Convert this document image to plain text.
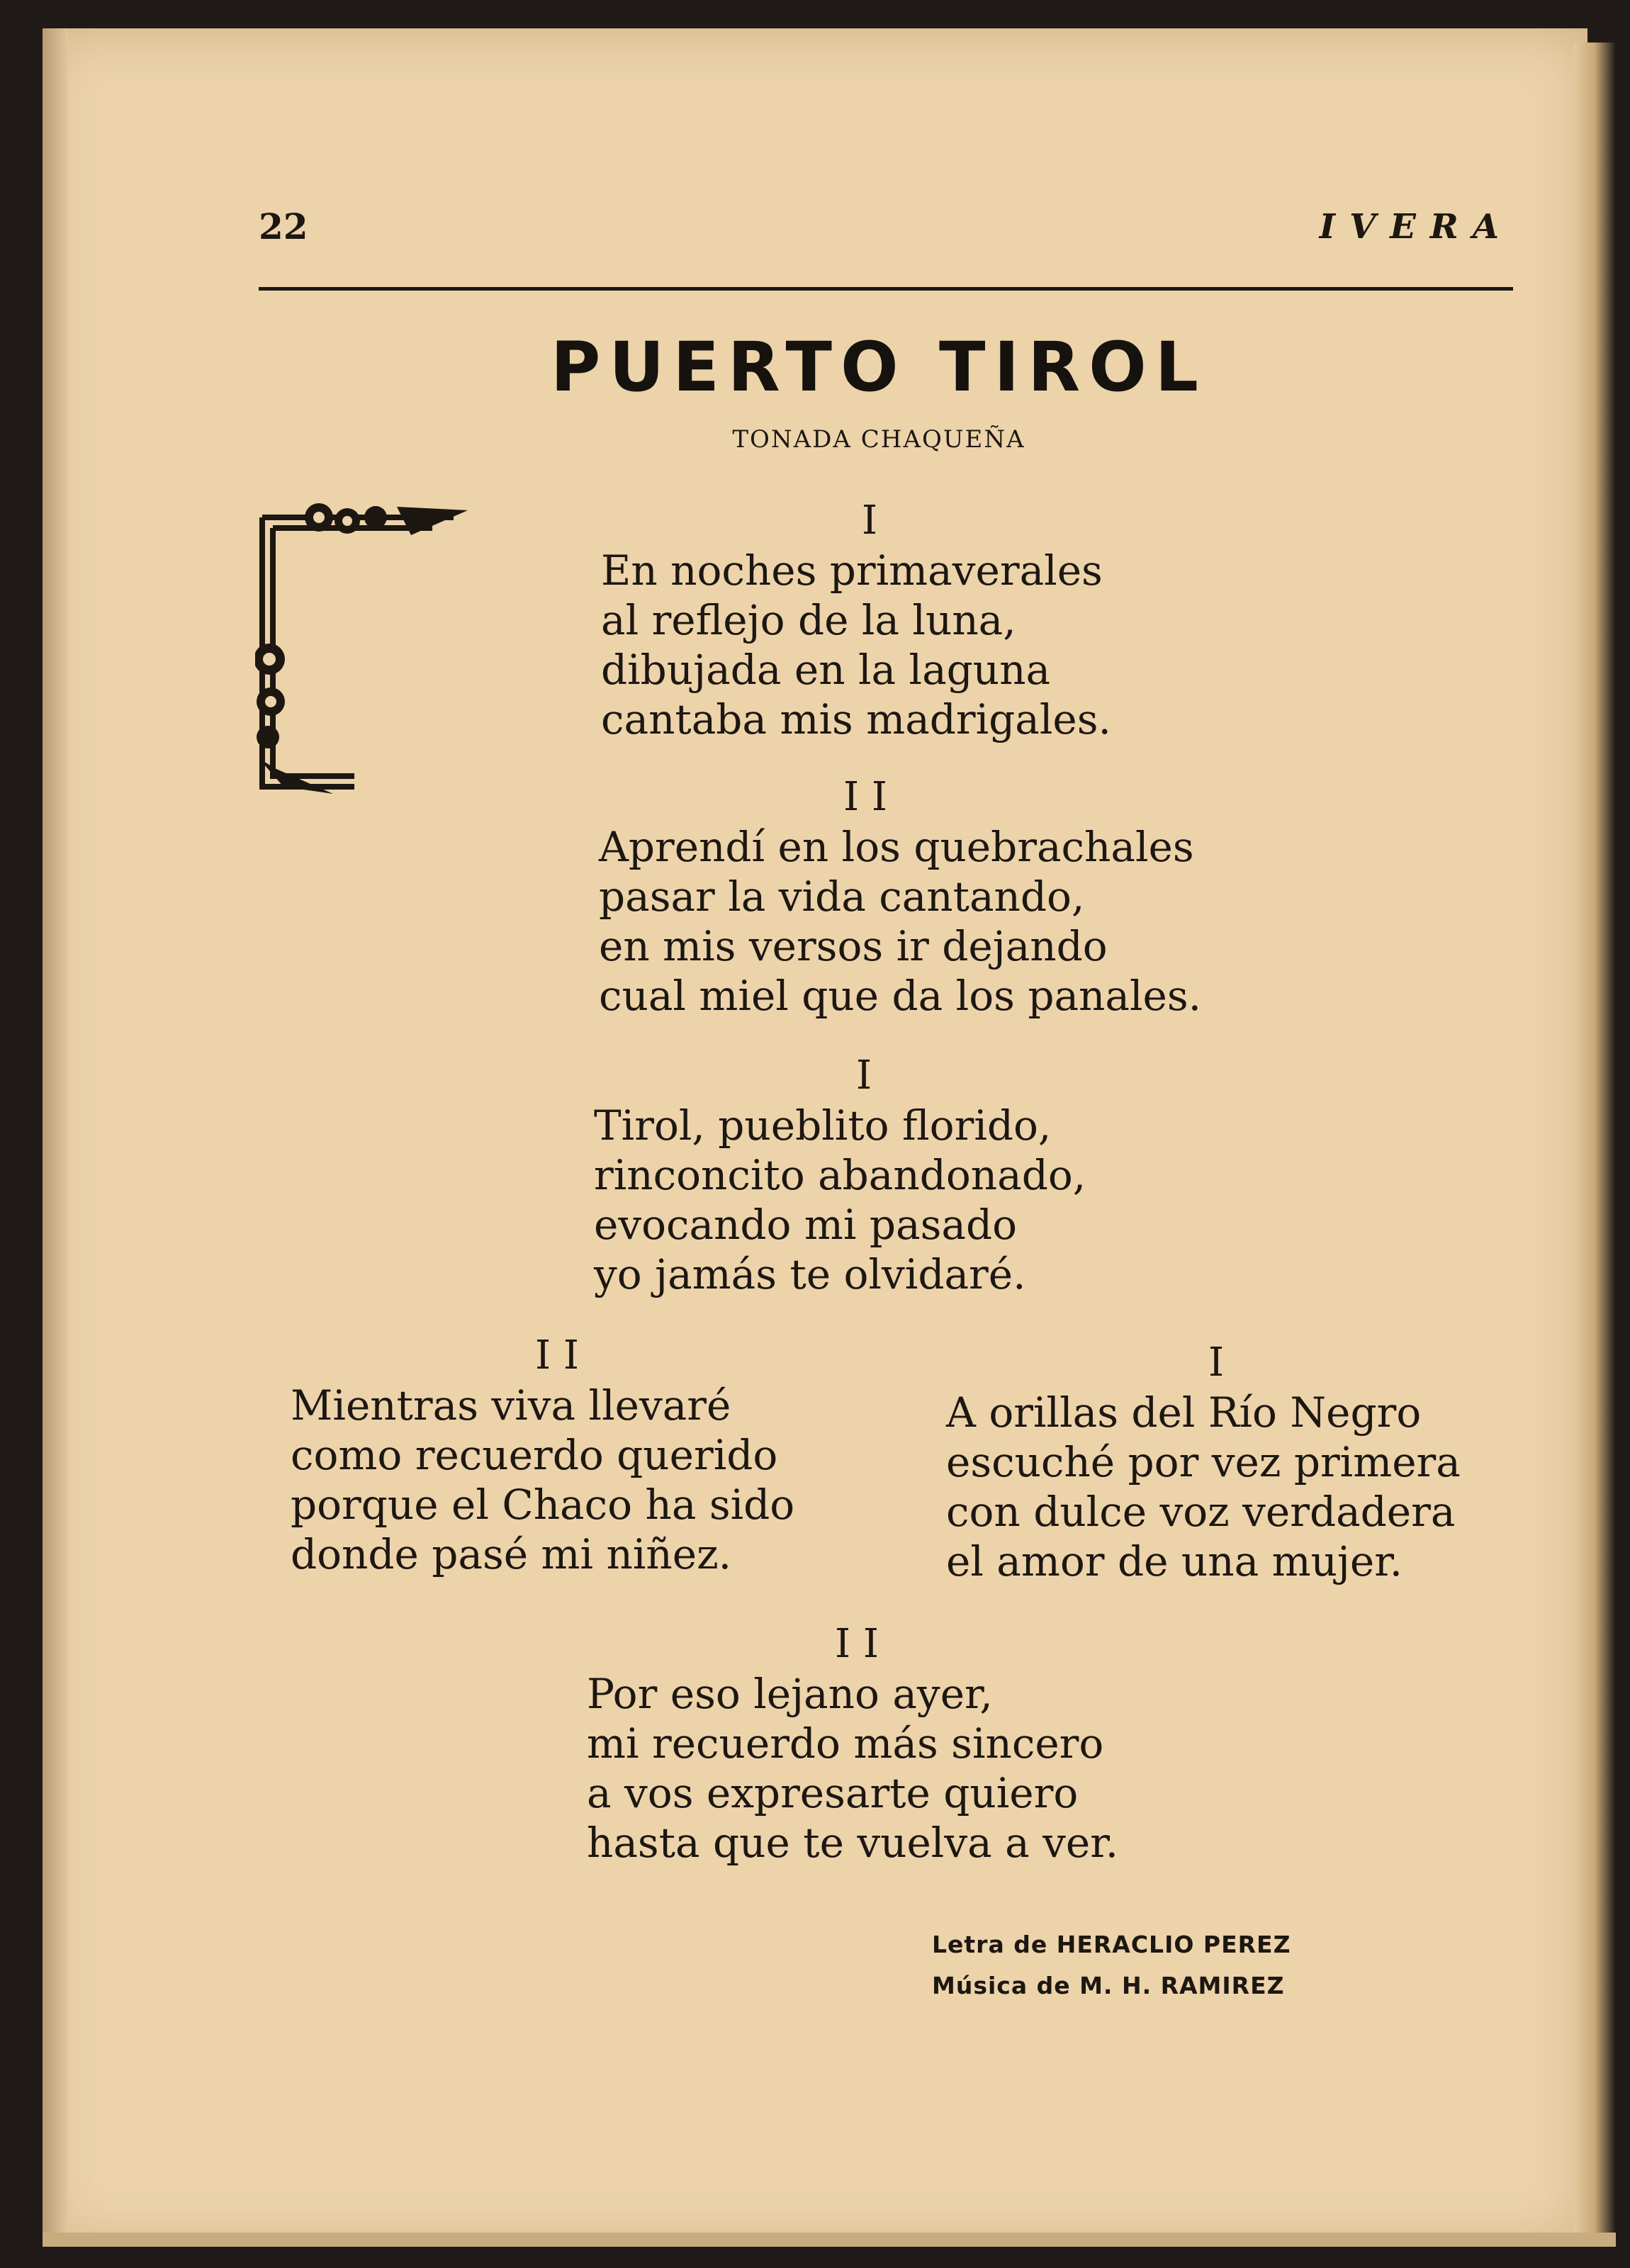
22	IVERA
PUERTO TIROL
TONADA CHAQUEÑA
I
En noches primaverales
al reflejo de la luna,
dibujada en la laguna
cantaba mis madrigales.
I I
Aprendí en los quebrachales
pasar la vida cantando,
en mis versos ir dejando
cual miel que da los panales.
I
Tirol, pueblito florido,
rinconcito abandonado,
evocando mi pasado
yo jamás te olvidaré.
I I
Mientras viva llevaré
como recuerdo querido
porque el Chaco ha sido
donde pasé mi niñez.
I
A orillas del Río Negro
escuché por vez primera
con dulce voz verdadera
el amor de una mujer.
I I
Por eso lejano ayer,
mi recuerdo más sincero
a vos expresarte quiero
hasta que te vuelva a ver.
Letra de HERACLIO PEREZ
Música de M. H. RAMIREZ
